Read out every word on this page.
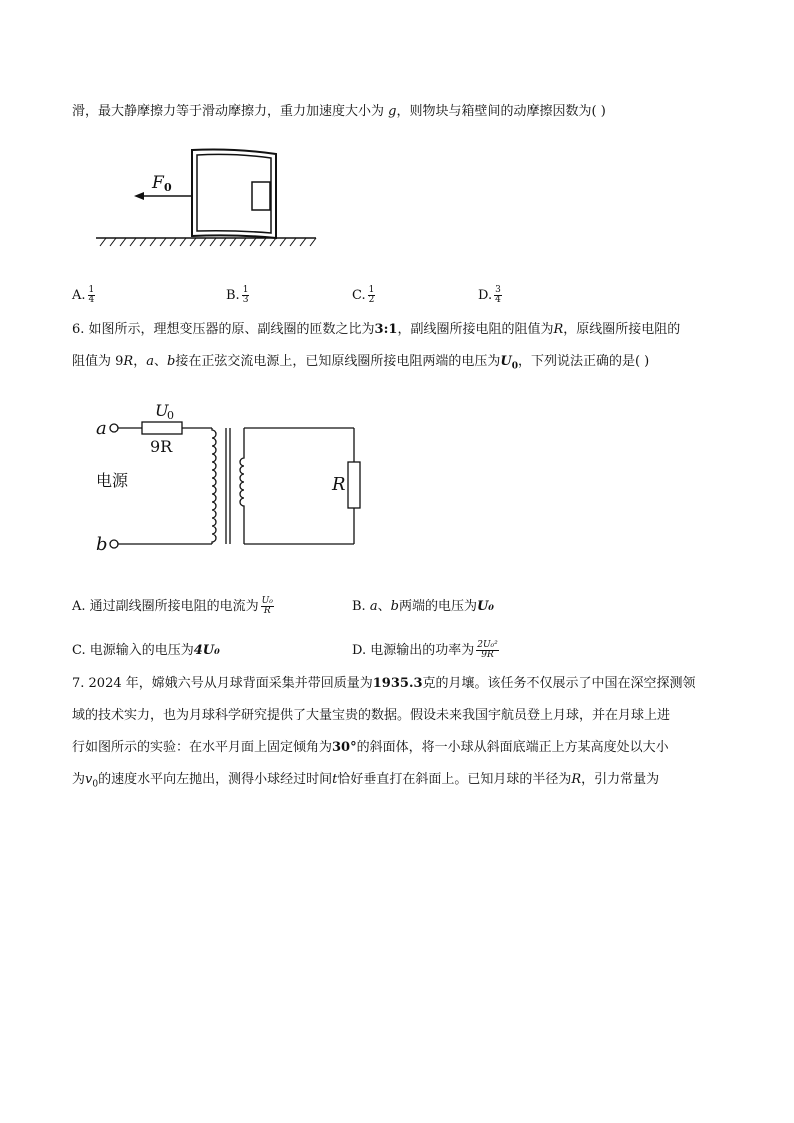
滑，最大静摩擦力等于滑动摩擦力，重力加速度大小为 g，则物块与箱壁间的动摩擦因数为( )
F 0
A. $\frac{1}{4}$	B. $\frac{1}{3}$	C. $\frac{1}{2}$	D. $\frac{3}{4}$
6. 如图所示，理想变压器的原、副线圈的匝数之比为3:1，副线圈所接电阻的阻值为R，原线圈所接电阻的
阻值为 9R，a、b接在正弦交流电源上，已知原线圈所接电阻两端的电压为$U_0$，下列说法正确的是( )
a
U
0
9R
R
电源
b
A. 通过副线圈所接电阻的电流为 $\frac{\text{U₀}}{R}$	B. a、b两端的电压为U₀
C. 电源输入的电压为4U₀	D. 电源输出的功率为 $\frac{\text{2U₀²}}{9R}$
7. 2024 年，嫦娥六号从月球背面采集并带回质量为1935.3克的月壤。该任务不仅展示了中国在深空探测领
域的技术实力，也为月球科学研究提供了大量宝贵的数据。假设未来我国宇航员登上月球，并在月球上进
行如图所示的实验：在水平月面上固定倾角为30°的斜面体，将一小球从斜面底端正上方某高度处以大小
为$v_0$的速度水平向左抛出，测得小球经过时间t恰好垂直打在斜面上。已知月球的半径为R，引力常量为
